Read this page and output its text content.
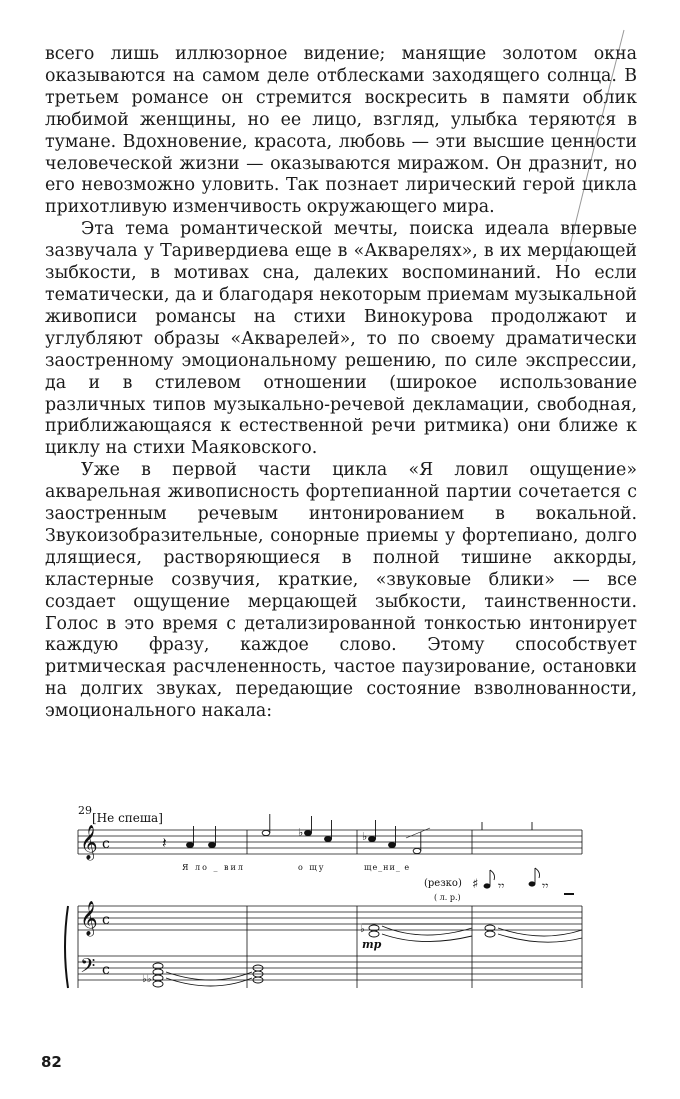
всего лишь иллюзорное видение; манящие золотом окна оказываются на самом деле отблесками заходящего солнца. В третьем романсе он стремится воскресить в памяти облик любимой женщины, но ее лицо, взгляд, улыбка теряются в тумане. Вдохновение, красота, любовь — эти высшие ценности человеческой жизни — оказываются миражом. Он дразнит, но его невозможно уловить. Так познает лирический герой цикла прихотливую изменчивость окружающего мира.

Эта тема романтической мечты, поиска идеала впервые зазвучала у Таривердиева еще в «Акварелях», в их мерцающей зыбкости, в мотивах сна, далеких воспоминаний. Но если тематически, да и благодаря некоторым приемам музыкальной живописи романсы на стихи Винокурова продолжают и углубляют образы «Акварелей», то по своему драматически заостренному эмоциональному решению, по силе экспрессии, да и в стилевом отношении (широкое использование различных типов музыкально-речевой декламации, свободная, приближающаяся к естественной речи ритмика) они ближе к циклу на стихи Маяковского.

Уже в первой части цикла «Я ловил ощущение» акварельная живописность фортепианной партии сочетается с заостренным речевым интонированием в вокальной. Звукоизобразительные, сонорные приемы у фортепиано, долго длящиеся, растворяющиеся в полной тишине аккорды, кластерные созвучия, краткие, «звуковые блики» — все создает ощущение мерцающей зыбкости, таинственности. Голос в это время с детализированной тонкостью интонирует каждую фразу, каждое слово. Этому способствует ритмическая расчлененность, частое паузирование, остановки на долгих звуках, передающие состояние взволнованности, эмоционального накала:

29
[Не спеша]
𝄞 c	𝄽
♭	♭
Я ло _ вил	о щу	ще_ни_ е
(резко)
( л. р.)
♯ 𝄾𝄾	𝄾𝄾
𝄞 c
𝄢 c
♭♭
♭
mp
82
